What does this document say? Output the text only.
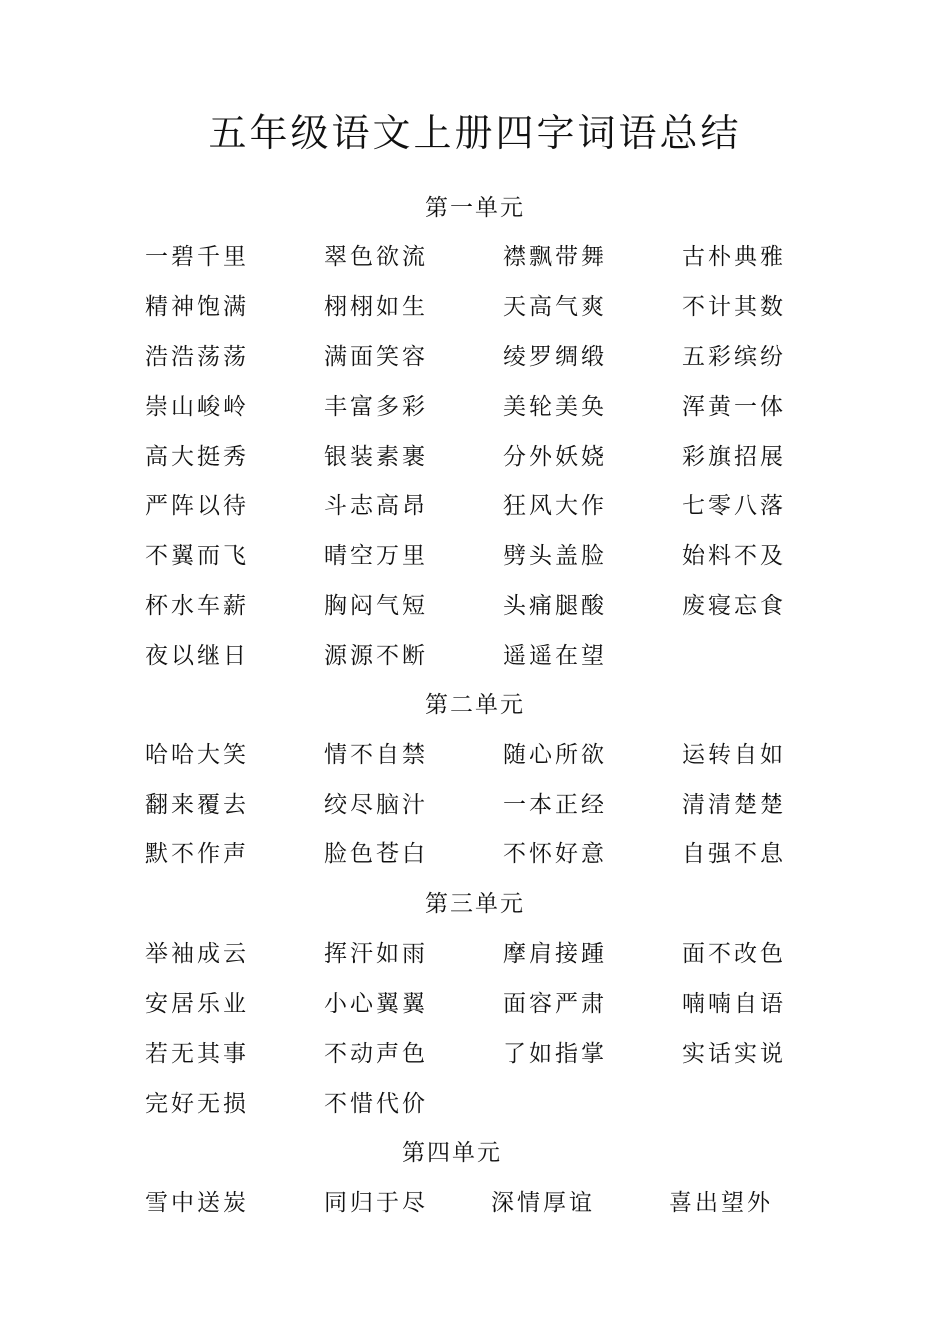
五年级语文上册四字词语总结
第一单元
一碧千里	翠色欲流	襟飘带舞	古朴典雅
精神饱满	栩栩如生	天高气爽	不计其数
浩浩荡荡	满面笑容	绫罗绸缎	五彩缤纷
崇山峻岭	丰富多彩	美轮美奂	浑黄一体
高大挺秀	银装素裹	分外妖娆	彩旗招展
严阵以待	斗志高昂	狂风大作	七零八落
不翼而飞	晴空万里	劈头盖脸	始料不及
杯水车薪	胸闷气短	头痛腿酸	废寝忘食
夜以继日	源源不断	遥遥在望
第二单元
哈哈大笑	情不自禁	随心所欲	运转自如
翻来覆去	绞尽脑汁	一本正经	清清楚楚
默不作声	脸色苍白	不怀好意	自强不息
第三单元
举袖成云	挥汗如雨	摩肩接踵	面不改色
安居乐业	小心翼翼	面容严肃	喃喃自语
若无其事	不动声色	了如指掌	实话实说
完好无损	不惜代价
第四单元
雪中送炭	同归于尽	深情厚谊	喜出望外
